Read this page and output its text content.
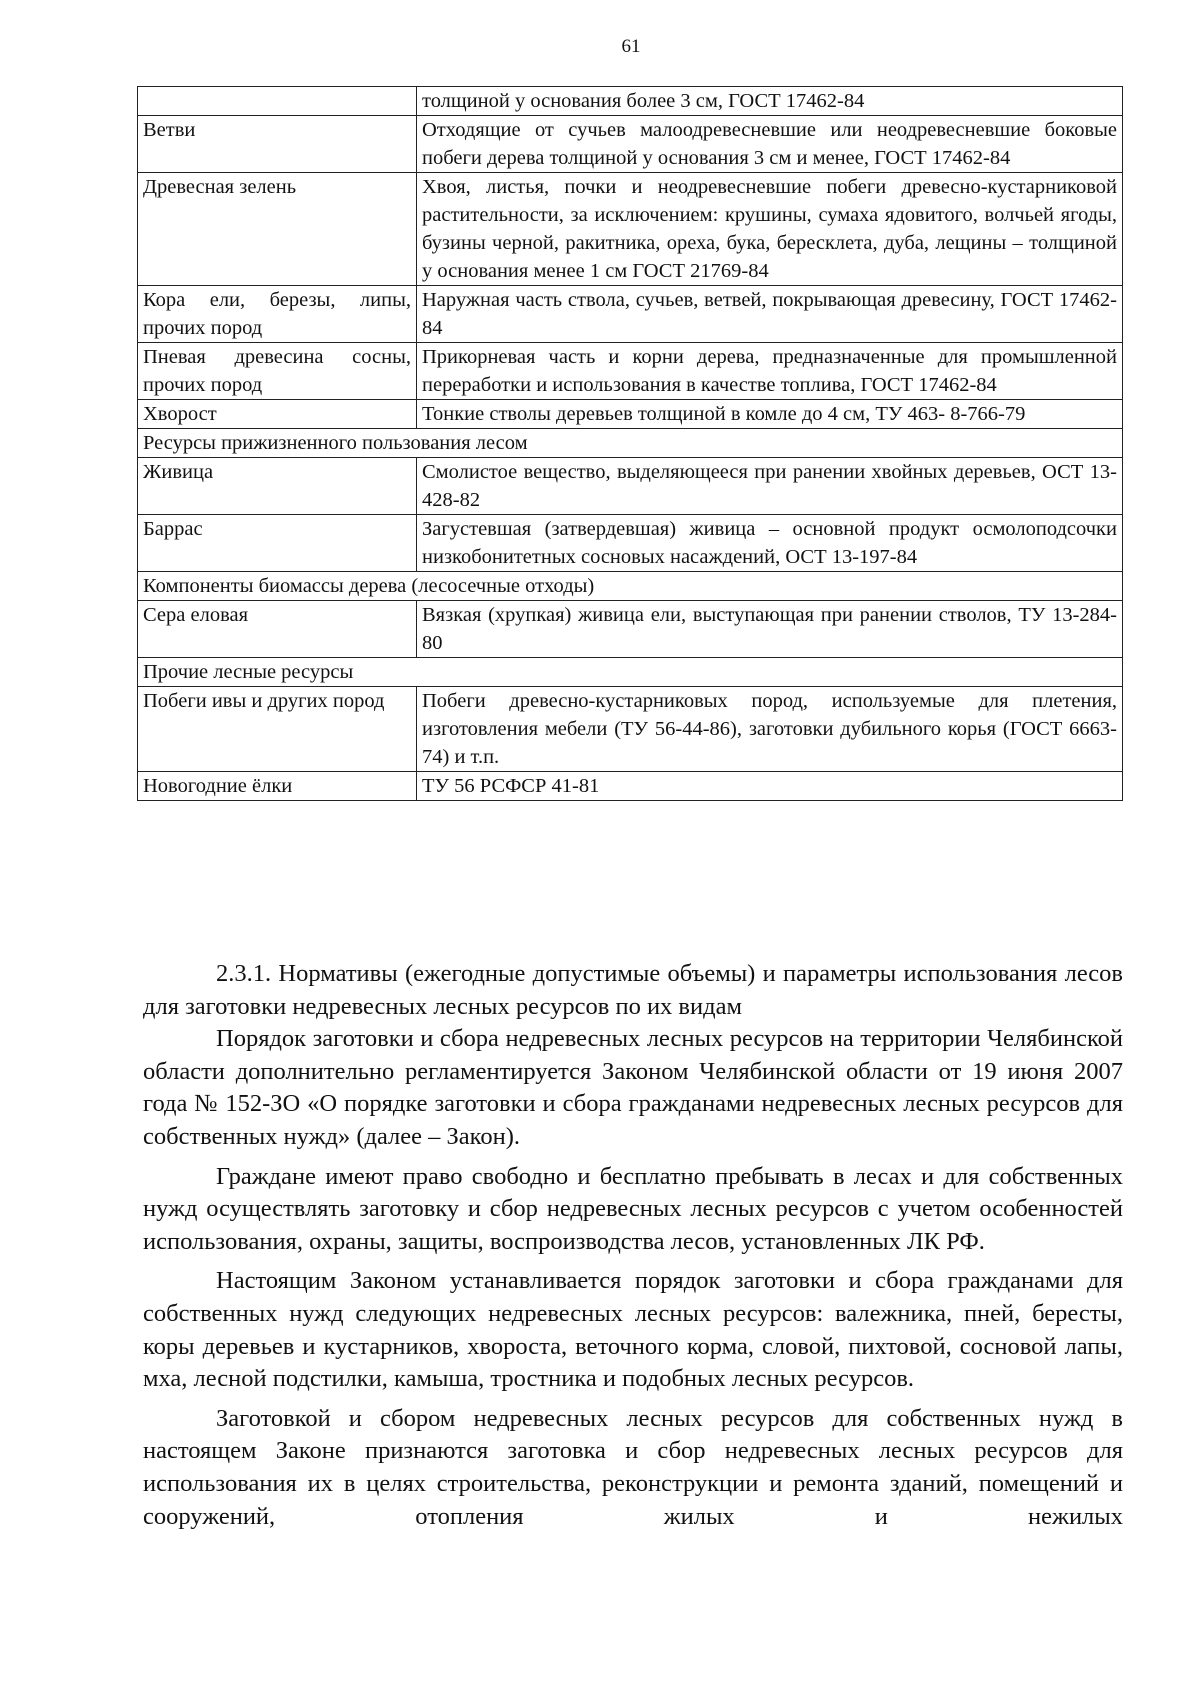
61
	толщиной у основания более 3 см, ГОСТ 17462-84
Ветви	Отходящие от сучьев малоодревесневшие или неодревесневшие боковые побеги дерева толщиной у основания 3 см и менее, ГОСТ 17462-84
Древесная зелень	Хвоя, листья, почки и неодревесневшие побеги древесно-кустарниковой растительности, за исключением: крушины, сумаха ядовитого, волчьей ягоды, бузины черной, ракитника, ореха, бука, бересклета, дуба, лещины – толщиной у основания менее 1 см ГОСТ 21769-84
Кора ели, березы, липы, прочих пород	Наружная часть ствола, сучьев, ветвей, покрывающая древесину, ГОСТ 17462-84
Пневая древесина сосны, прочих пород	Прикорневая часть и корни дерева, предназначенные для промышленной переработки и использования в качестве топлива, ГОСТ 17462-84
Хворост	Тонкие стволы деревьев толщиной в комле до 4 см, ТУ 463- 8-766-79
Ресурсы прижизненного пользования лесом	
Живица	Смолистое вещество, выделяющееся при ранении хвойных деревьев, ОСТ 13-428-82
Баррас	Загустевшая (затвердевшая) живица – основной продукт осмолоподсочки низкобонитетных сосновых насаждений, ОСТ 13-197-84
Компоненты биомассы дерева (лесосечные отходы)	
Сера еловая	Вязкая (хрупкая) живица ели, выступающая при ранении стволов, ТУ 13-284-80
Прочие лесные ресурсы	
Побеги ивы и других пород	Побеги древесно-кустарниковых пород, используемые для плетения, изготовления мебели (ТУ 56-44-86), заготовки дубильного корья (ГОСТ 6663-74) и т.п.
Новогодние ёлки	ТУ 56 РСФСР 41-81

2.3.1. Нормативы (ежегодные допустимые объемы) и параметры использования лесов для заготовки недревесных лесных ресурсов по их видам

Порядок заготовки и сбора недревесных лесных ресурсов на территории Челябинской области дополнительно регламентируется Законом Челябинской области от 19 июня 2007 года № 152-ЗО «О порядке заготовки и сбора гражданами недревесных лесных ресурсов для собственных нужд» (далее – Закон).

Граждане имеют право свободно и бесплатно пребывать в лесах и для собственных нужд осуществлять заготовку и сбор недревесных лесных ресурсов с учетом особенностей использования, охраны, защиты, воспроизводства лесов, установленных ЛК РФ.

Настоящим Законом устанавливается порядок заготовки и сбора гражданами для собственных нужд следующих недревесных лесных ресурсов: валежника, пней, бересты, коры деревьев и кустарников, хвороста, веточного корма, словой, пихтовой, сосновой лапы, мха, лесной подстилки, камыша, тростника и подобных лесных ресурсов.

Заготовкой и сбором недревесных лесных ресурсов для собственных нужд в настоящем Законе признаются заготовка и сбор недревесных лесных ресурсов для использования их в целях строительства, реконструкции и ремонта зданий, помещений и сооружений, отопления жилых и нежилых
